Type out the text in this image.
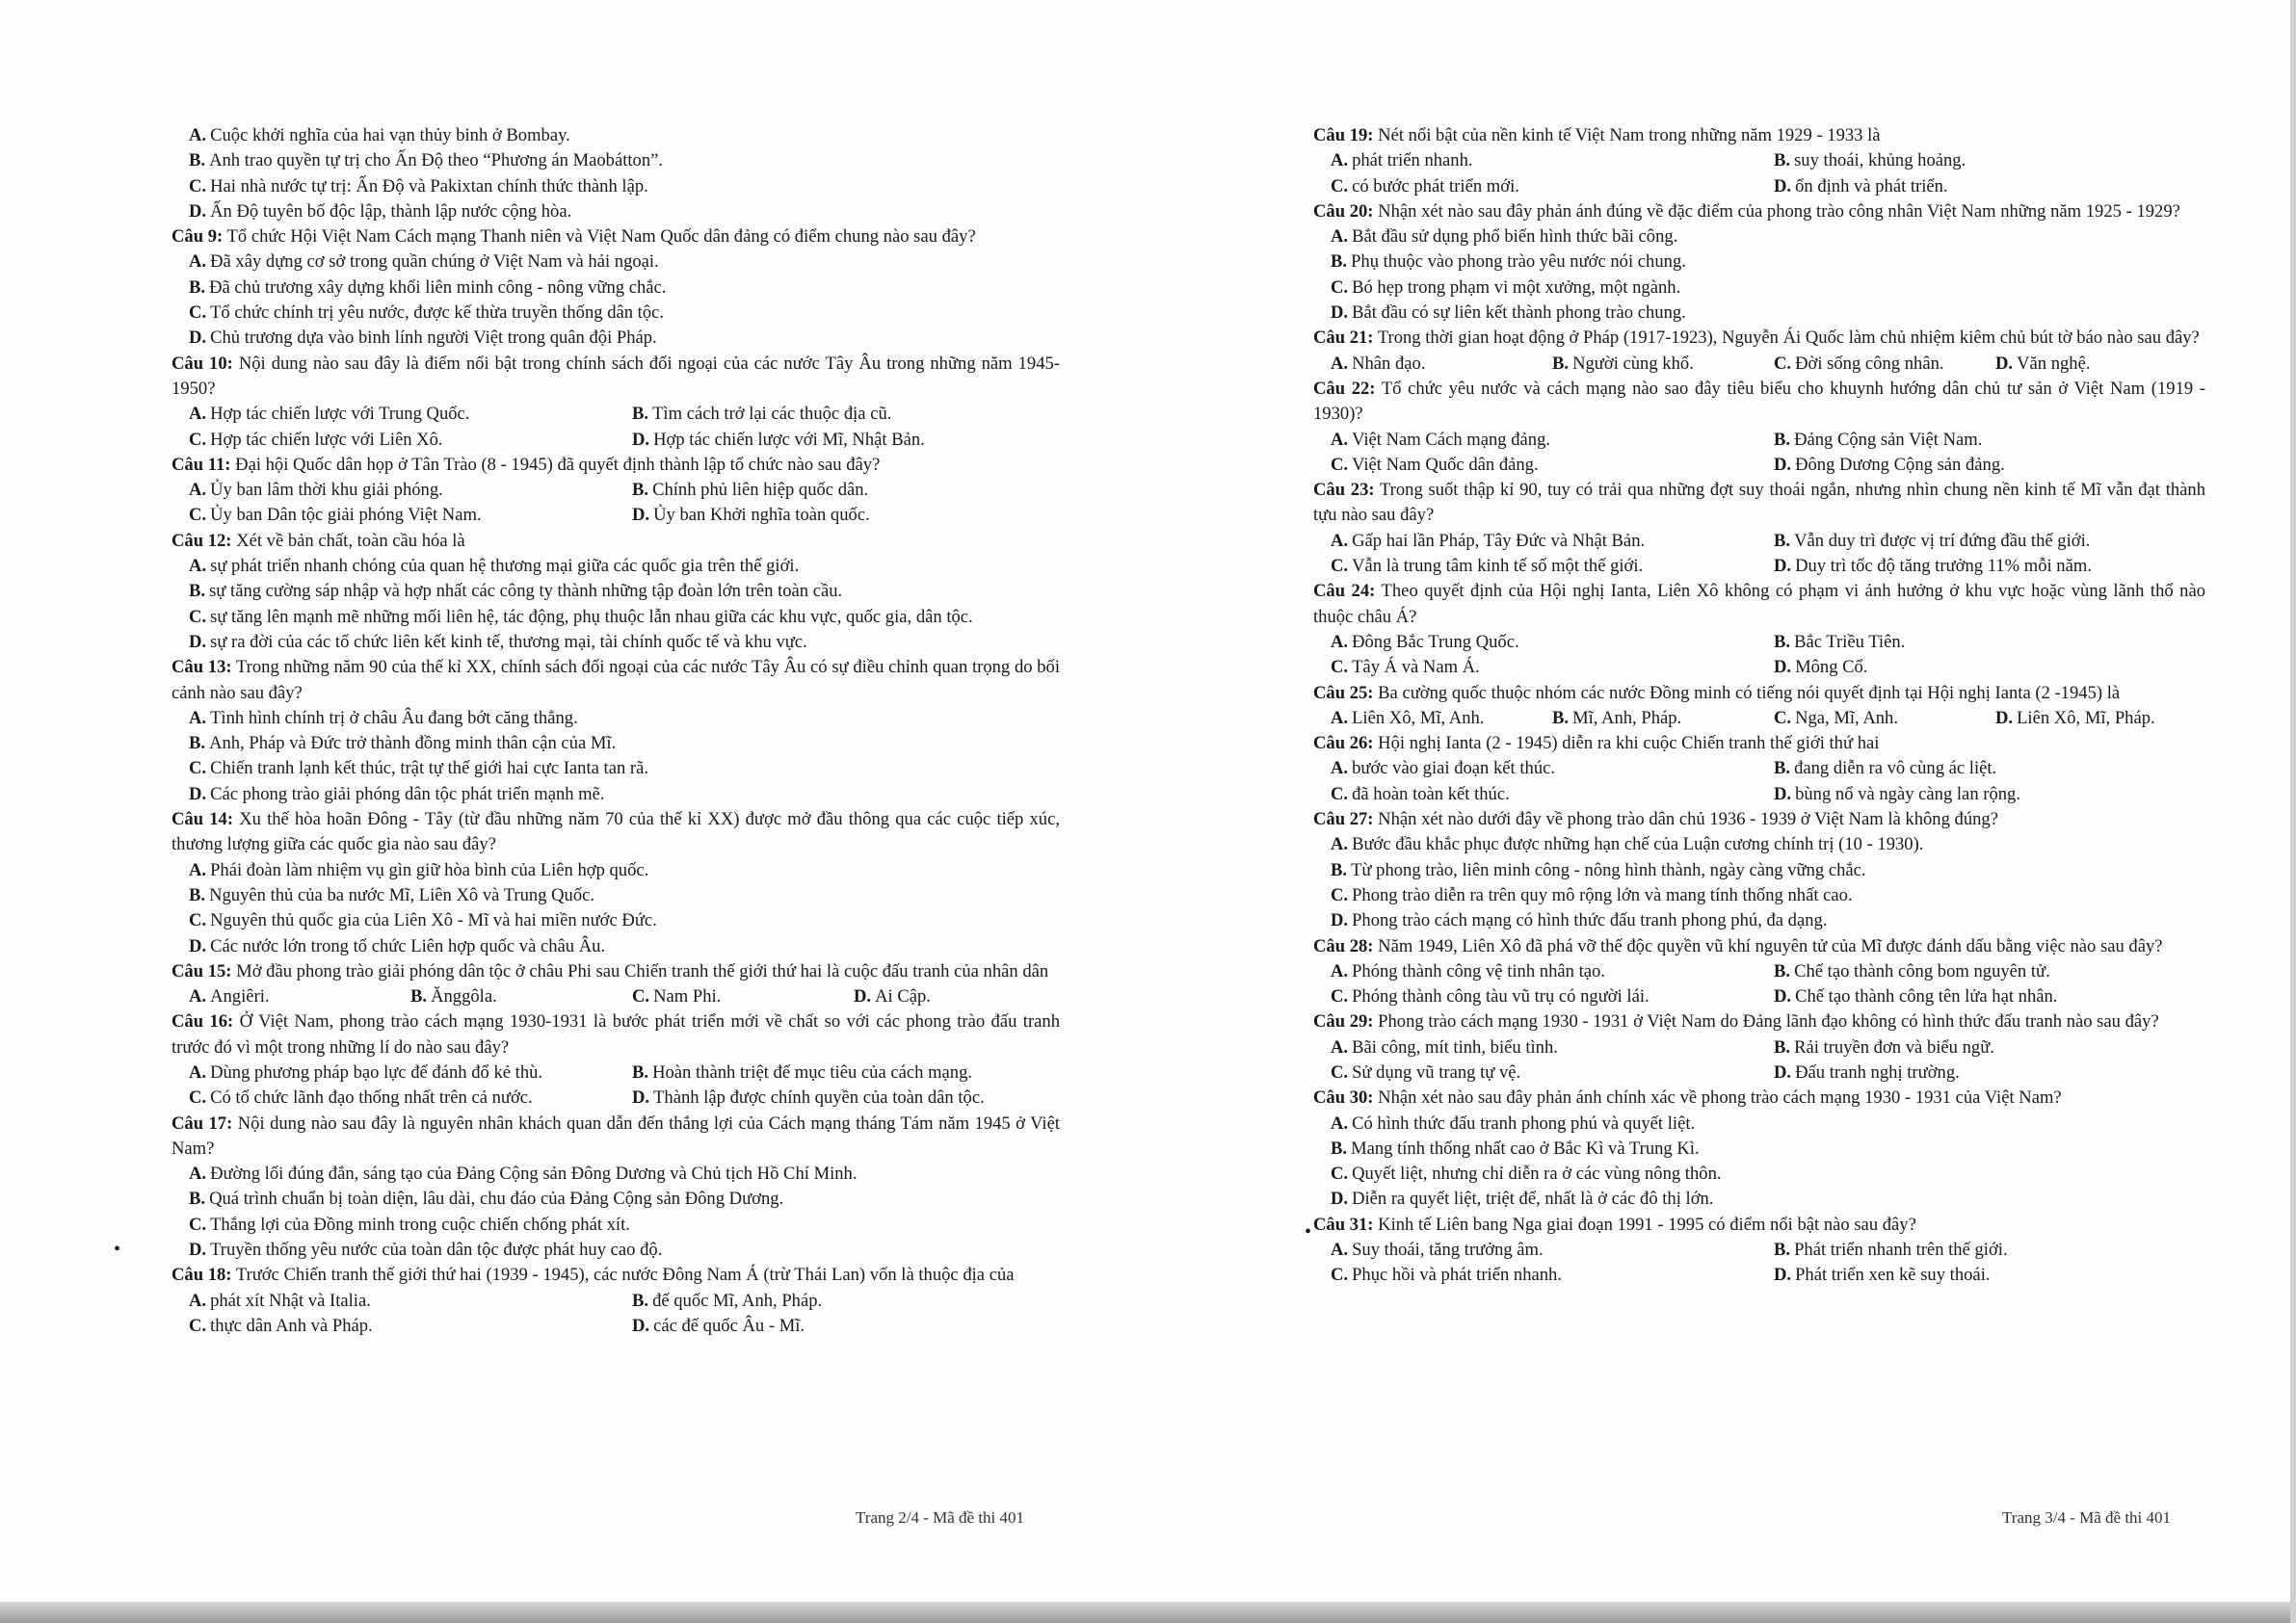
A. Cuộc khởi nghĩa của hai vạn thủy binh ở Bombay.
B. Anh trao quyền tự trị cho Ấn Độ theo “Phương án Maobátton”.
C. Hai nhà nước tự trị: Ấn Độ và Pakixtan chính thức thành lập.
D. Ấn Độ tuyên bố độc lập, thành lập nước cộng hòa.

Câu 9: Tổ chức Hội Việt Nam Cách mạng Thanh niên và Việt Nam Quốc dân đảng có điểm chung nào sau đây?

A. Đã xây dựng cơ sở trong quần chúng ở Việt Nam và hải ngoại.
B. Đã chủ trương xây dựng khối liên minh công - nông vững chắc.
C. Tổ chức chính trị yêu nước, được kế thừa truyền thống dân tộc.
D. Chủ trương dựa vào binh lính người Việt trong quân đội Pháp.

Câu 10: Nội dung nào sau đây là điểm nổi bật trong chính sách đối ngoại của các nước Tây Âu trong những năm 1945-1950?

A. Hợp tác chiến lược với Trung Quốc.	B. Tìm cách trở lại các thuộc địa cũ.
C. Hợp tác chiến lược với Liên Xô.	D. Hợp tác chiến lược với Mĩ, Nhật Bản.

Câu 11: Đại hội Quốc dân họp ở Tân Trào (8 - 1945) đã quyết định thành lập tổ chức nào sau đây?

A. Ủy ban lâm thời khu giải phóng.	B. Chính phủ liên hiệp quốc dân.
C. Ủy ban Dân tộc giải phóng Việt Nam.	D. Ủy ban Khởi nghĩa toàn quốc.

Câu 12: Xét về bản chất, toàn cầu hóa là

A. sự phát triển nhanh chóng của quan hệ thương mại giữa các quốc gia trên thế giới.
B. sự tăng cường sáp nhập và hợp nhất các công ty thành những tập đoàn lớn trên toàn cầu.
C. sự tăng lên mạnh mẽ những mối liên hệ, tác động, phụ thuộc lẫn nhau giữa các khu vực, quốc gia, dân tộc.
D. sự ra đời của các tổ chức liên kết kinh tế, thương mại, tài chính quốc tế và khu vực.

Câu 13: Trong những năm 90 của thế kỉ XX, chính sách đối ngoại của các nước Tây Âu có sự điều chỉnh quan trọng do bối cảnh nào sau đây?

A. Tình hình chính trị ở châu Âu đang bớt căng thẳng.
B. Anh, Pháp và Đức trở thành đồng minh thân cận của Mĩ.
C. Chiến tranh lạnh kết thúc, trật tự thế giới hai cực Ianta tan rã.
D. Các phong trào giải phóng dân tộc phát triển mạnh mẽ.

Câu 14: Xu thế hòa hoãn Đông - Tây (từ đầu những năm 70 của thế kỉ XX) được mở đầu thông qua các cuộc tiếp xúc, thương lượng giữa các quốc gia nào sau đây?

A. Phái đoàn làm nhiệm vụ gìn giữ hòa bình của Liên hợp quốc.
B. Nguyên thủ của ba nước Mĩ, Liên Xô và Trung Quốc.
C. Nguyên thủ quốc gia của Liên Xô - Mĩ và hai miền nước Đức.
D. Các nước lớn trong tổ chức Liên hợp quốc và châu Âu.

Câu 15: Mở đầu phong trào giải phóng dân tộc ở châu Phi sau Chiến tranh thế giới thứ hai là cuộc đấu tranh của nhân dân

A. Angiêri.	B. Ănggôla.	C. Nam Phi.	D. Ai Cập.

Câu 16: Ở Việt Nam, phong trào cách mạng 1930-1931 là bước phát triển mới về chất so với các phong trào đấu tranh trước đó vì một trong những lí do nào sau đây?

A. Dùng phương pháp bạo lực để đánh đổ kẻ thù.	B. Hoàn thành triệt để mục tiêu của cách mạng.
C. Có tổ chức lãnh đạo thống nhất trên cả nước.	D. Thành lập được chính quyền của toàn dân tộc.

Câu 17: Nội dung nào sau đây là nguyên nhân khách quan dẫn đến thắng lợi của Cách mạng tháng Tám năm 1945 ở Việt Nam?

A. Đường lối đúng đắn, sáng tạo của Đảng Cộng sản Đông Dương và Chủ tịch Hồ Chí Minh.
B. Quá trình chuẩn bị toàn diện, lâu dài, chu đáo của Đảng Cộng sản Đông Dương.
C. Thắng lợi của Đồng minh trong cuộc chiến chống phát xít.
D. Truyền thống yêu nước của toàn dân tộc được phát huy cao độ.

Câu 18: Trước Chiến tranh thế giới thứ hai (1939 - 1945), các nước Đông Nam Á (trừ Thái Lan) vốn là thuộc địa của

A. phát xít Nhật và Italia.	B. đế quốc Mĩ, Anh, Pháp.
C. thực dân Anh và Pháp.	D. các đế quốc Âu - Mĩ.

Câu 19: Nét nổi bật của nền kinh tế Việt Nam trong những năm 1929 - 1933 là

A. phát triển nhanh.	B. suy thoái, khủng hoảng.
C. có bước phát triển mới.	D. ổn định và phát triển.

Câu 20: Nhận xét nào sau đây phản ánh đúng về đặc điểm của phong trào công nhân Việt Nam những năm 1925 - 1929?

A. Bắt đầu sử dụng phổ biến hình thức bãi công.
B. Phụ thuộc vào phong trào yêu nước nói chung.
C. Bó hẹp trong phạm vi một xưởng, một ngành.
D. Bắt đầu có sự liên kết thành phong trào chung.

Câu 21: Trong thời gian hoạt động ở Pháp (1917-1923), Nguyễn Ái Quốc làm chủ nhiệm kiêm chủ bút tờ báo nào sau đây?

A. Nhân đạo.	B. Người cùng khổ.	C. Đời sống công nhân.	D. Văn nghệ.

Câu 22: Tổ chức yêu nước và cách mạng nào sao đây tiêu biểu cho khuynh hướng dân chủ tư sản ở Việt Nam (1919 - 1930)?

A. Việt Nam Cách mạng đảng.	B. Đảng Cộng sản Việt Nam.
C. Việt Nam Quốc dân đảng.	D. Đông Dương Cộng sản đảng.

Câu 23: Trong suốt thập kỉ 90, tuy có trải qua những đợt suy thoái ngắn, nhưng nhìn chung nền kinh tế Mĩ vẫn đạt thành tựu nào sau đây?

A. Gấp hai lần Pháp, Tây Đức và Nhật Bản.	B. Vẫn duy trì được vị trí đứng đầu thế giới.
C. Vẫn là trung tâm kinh tế số một thế giới.	D. Duy trì tốc độ tăng trưởng 11% mỗi năm.

Câu 24: Theo quyết định của Hội nghị Ianta, Liên Xô không có phạm vi ảnh hưởng ở khu vực hoặc vùng lãnh thổ nào thuộc châu Á?

A. Đông Bắc Trung Quốc.	B. Bắc Triều Tiên.
C. Tây Á và Nam Á.	D. Mông Cổ.

Câu 25: Ba cường quốc thuộc nhóm các nước Đồng minh có tiếng nói quyết định tại Hội nghị Ianta (2 -1945) là

A. Liên Xô, Mĩ, Anh.	B. Mĩ, Anh, Pháp.	C. Nga, Mĩ, Anh.	D. Liên Xô, Mĩ, Pháp.

Câu 26: Hội nghị Ianta (2 - 1945) diễn ra khi cuộc Chiến tranh thế giới thứ hai

A. bước vào giai đoạn kết thúc.	B. đang diễn ra vô cùng ác liệt.
C. đã hoàn toàn kết thúc.	D. bùng nổ và ngày càng lan rộng.

Câu 27: Nhận xét nào dưới đây về phong trào dân chủ 1936 - 1939 ở Việt Nam là không đúng?

A. Bước đầu khắc phục được những hạn chế của Luận cương chính trị (10 - 1930).
B. Từ phong trào, liên minh công - nông hình thành, ngày càng vững chắc.
C. Phong trào diễn ra trên quy mô rộng lớn và mang tính thống nhất cao.
D. Phong trào cách mạng có hình thức đấu tranh phong phú, đa dạng.

Câu 28: Năm 1949, Liên Xô đã phá vỡ thế độc quyền vũ khí nguyên tử của Mĩ được đánh dấu bằng việc nào sau đây?

A. Phóng thành công vệ tinh nhân tạo.	B. Chế tạo thành công bom nguyên tử.
C. Phóng thành công tàu vũ trụ có người lái.	D. Chế tạo thành công tên lửa hạt nhân.

Câu 29: Phong trào cách mạng 1930 - 1931 ở Việt Nam do Đảng lãnh đạo không có hình thức đấu tranh nào sau đây?

A. Bãi công, mít tinh, biểu tình.	B. Rải truyền đơn và biểu ngữ.
C. Sử dụng vũ trang tự vệ.	D. Đấu tranh nghị trường.

Câu 30: Nhận xét nào sau đây phản ánh chính xác về phong trào cách mạng 1930 - 1931 của Việt Nam?

A. Có hình thức đấu tranh phong phú và quyết liệt.
B. Mang tính thống nhất cao ở Bắc Kì và Trung Kì.
C. Quyết liệt, nhưng chỉ diễn ra ở các vùng nông thôn.
D. Diễn ra quyết liệt, triệt để, nhất là ở các đô thị lớn.

Câu 31: Kinh tế Liên bang Nga giai đoạn 1991 - 1995 có điểm nổi bật nào sau đây?

A. Suy thoái, tăng trưởng âm.	B. Phát triển nhanh trên thế giới.
C. Phục hồi và phát triển nhanh.	D. Phát triển xen kẽ suy thoái.
Trang 2/4 - Mã đề thi 401	Trang 3/4 - Mã đề thi 401
•
•
